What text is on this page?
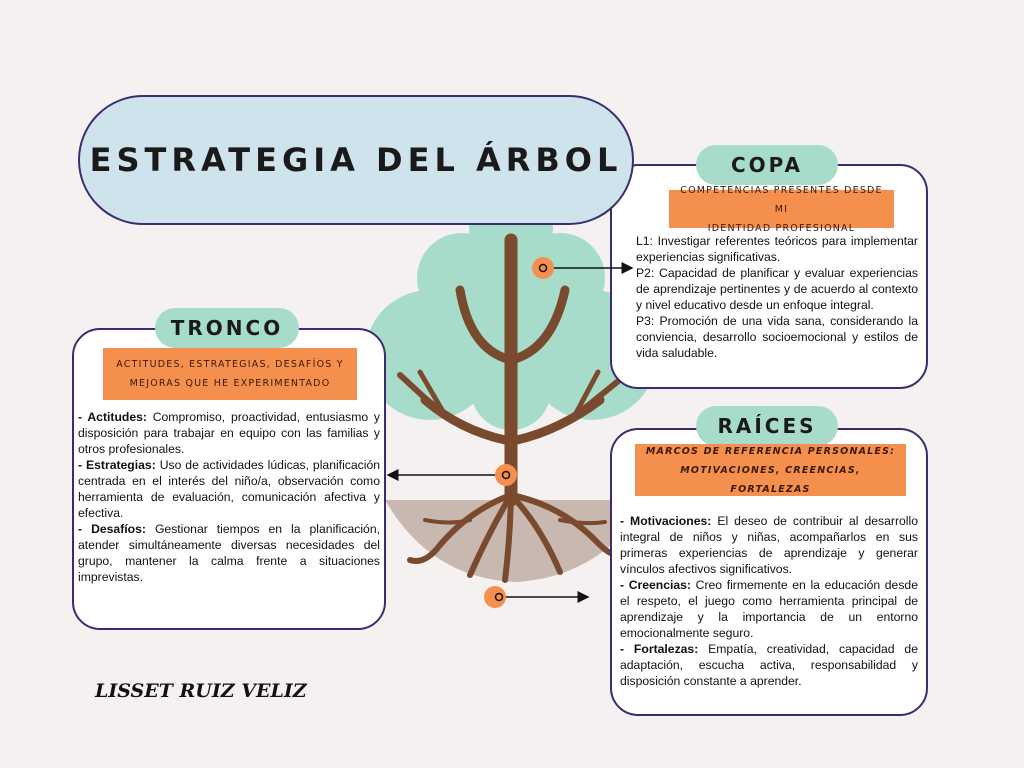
ESTRATEGIA DEL ÁRBOL	COPA
COMPETENCIAS PRESENTES DESDE MI
IDENTIDAD PROFESIONAL

L1: Investigar referentes teóricos para implementar experiencias significativas.

P2: Capacidad de planificar y evaluar experiencias de aprendizaje pertinentes y de acuerdo al contexto y nivel educativo desde un enfoque integral.

P3: Promoción de una vida sana, considerando la conviencia, desarrollo socioemocional y estilos de vida saludable.

TRONCO
ACTITUDES, ESTRATEGIAS, DESAFÍOS Y
MEJORAS QUE HE EXPERIMENTADO

- Actitudes: Compromiso, proactividad, entusiasmo y disposición para trabajar en equipo con las familias y otros profesionales.

- Estrategias: Uso de actividades lúdicas, planificación centrada en el interés del niño/a, observación como herramienta de evaluación, comunicación afectiva y efectiva.

- Desafíos: Gestionar tiempos en la planificación, atender simultáneamente diversas necesidades del grupo, mantener la calma frente a situaciones imprevistas.

RAÍCES
MARCOS DE REFERENCIA PERSONALES:
MOTIVACIONES, CREENCIAS, FORTALEZAS

- Motivaciones: El deseo de contribuir al desarrollo integral de niños y niñas, acompañarlos en sus primeras experiencias de aprendizaje y generar vínculos afectivos significativos.

- Creencias: Creo firmemente en la educación desde el respeto, el juego como herramienta principal de aprendizaje y la importancia de un entorno emocionalmente seguro.

- Fortalezas: Empatía, creatividad, capacidad de adaptación, escucha activa, responsabilidad y disposición constante a aprender.

LISSET RUIZ VELIZ
